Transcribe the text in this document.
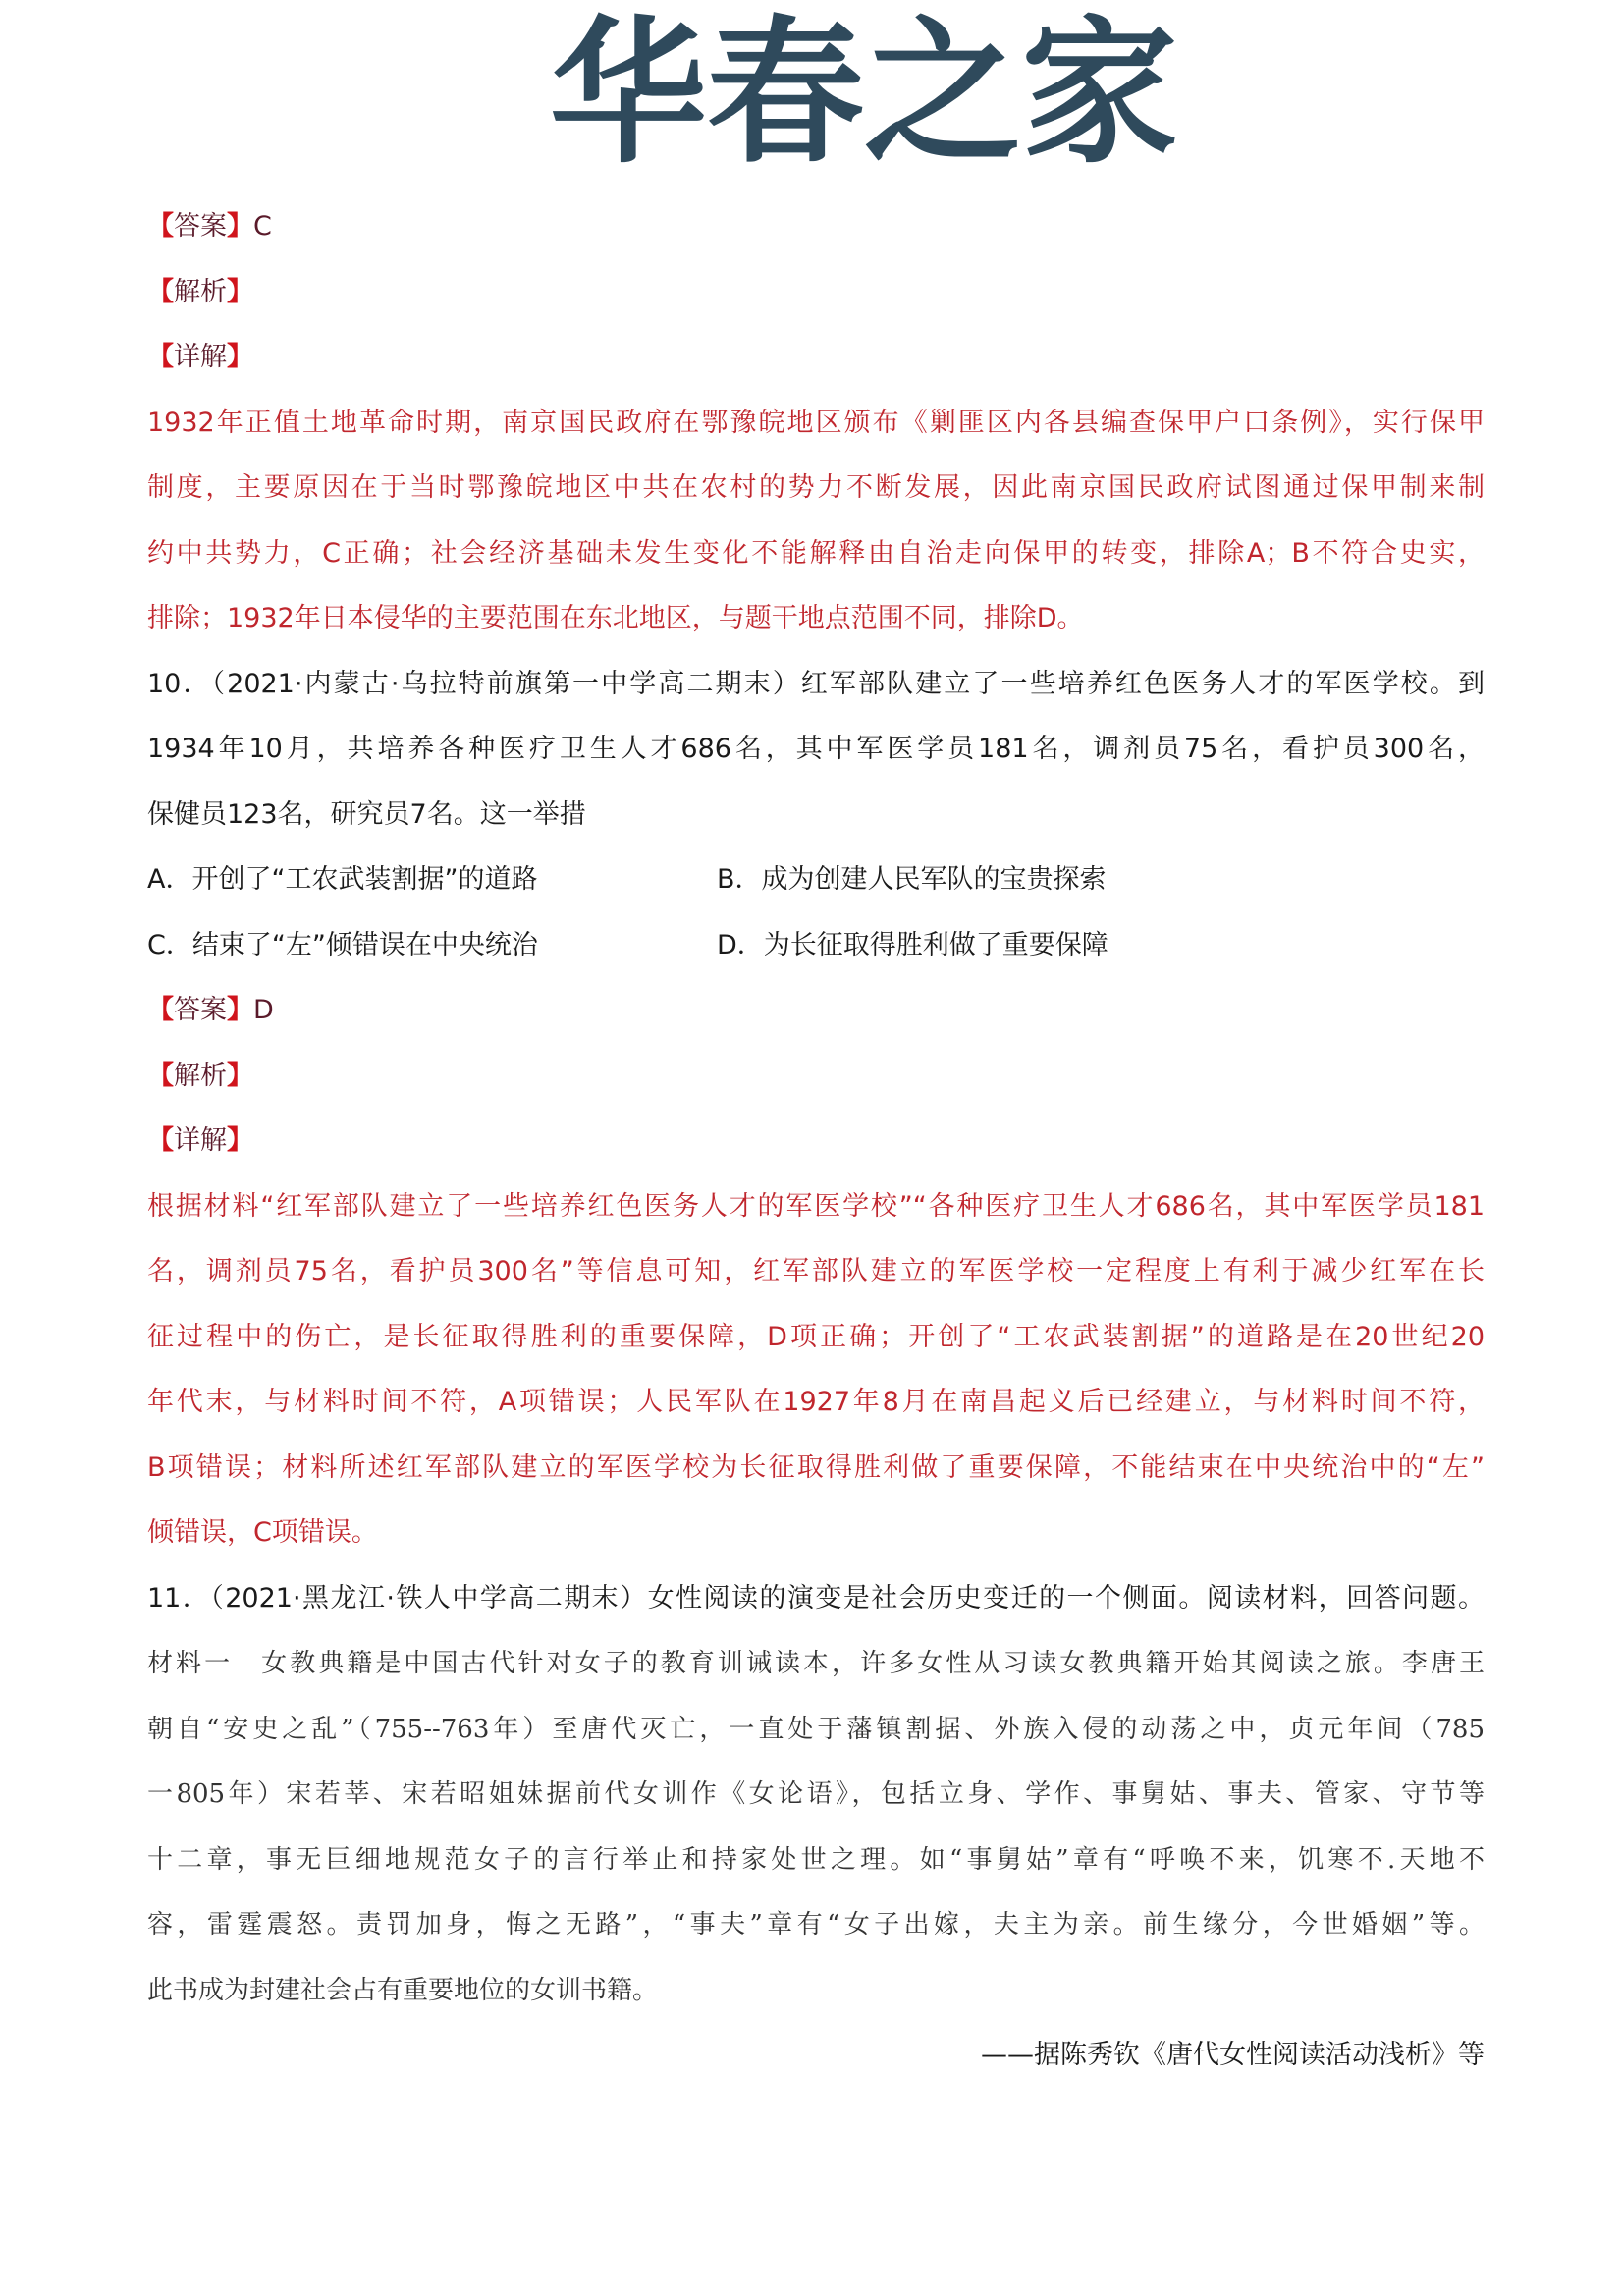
【答案】C
【解析】
【详解】
1932年正值土地革命时期，南京国民政府在鄂豫皖地区颁布《剿匪区内各县编查保甲户口条例》，实行保甲
制度，主要原因在于当时鄂豫皖地区中共在农村的势力不断发展，因此南京国民政府试图通过保甲制来制
约中共势力，C正确；社会经济基础未发生变化不能解释由自治走向保甲的转变，排除A；B不符合史实，
排除；1932年日本侵华的主要范围在东北地区，与题干地点范围不同，排除D。
10．（2021·内蒙古·乌拉特前旗第一中学高二期末）红军部队建立了一些培养红色医务人才的军医学校。到
1934年10月，共培养各种医疗卫生人才686名，其中军医学员181名，调剂员75名，看护员300名，
保健员123名，研究员7名。这一举措
A．开创了“工农武装割据”的道路	B．成为创建人民军队的宝贵探索
C．结束了“左”倾错误在中央统治	D．为长征取得胜利做了重要保障
【答案】D
【解析】
【详解】
根据材料“红军部队建立了一些培养红色医务人才的军医学校”“各种医疗卫生人才686名，其中军医学员181
名，调剂员75名，看护员300名”等信息可知，红军部队建立的军医学校一定程度上有利于减少红军在长
征过程中的伤亡，是长征取得胜利的重要保障，D项正确；开创了“工农武装割据”的道路是在20世纪20
年代末，与材料时间不符，A项错误；人民军队在1927年8月在南昌起义后已经建立，与材料时间不符，
B项错误；材料所述红军部队建立的军医学校为长征取得胜利做了重要保障，不能结束在中央统治中的“左”
倾错误，C项错误。
11．（2021·黑龙江·铁人中学高二期末）女性阅读的演变是社会历史变迁的一个侧面。阅读材料，回答问题。
材料一　女教典籍是中国古代针对女子的教育训诫读本，许多女性从习读女教典籍开始其阅读之旅。李唐王
朝自“安史之乱”（755--763年）至唐代灭亡，一直处于藩镇割据、外族入侵的动荡之中，贞元年间（785
一805年）宋若莘、宋若昭姐妹据前代女训作《女论语》，包括立身、学作、事舅姑、事夫、管家、守节等
十二章，事无巨细地规范女子的言行举止和持家处世之理。如“事舅姑”章有“呼唤不来，饥寒不.天地不
容，雷霆震怒。责罚加身，悔之无路”，“事夫”章有“女子出嫁，夫主为亲。前生缘分，今世婚姻”等。
此书成为封建社会占有重要地位的女训书籍。
——据陈秀钦《唐代女性阅读活动浅析》等
华春之家
